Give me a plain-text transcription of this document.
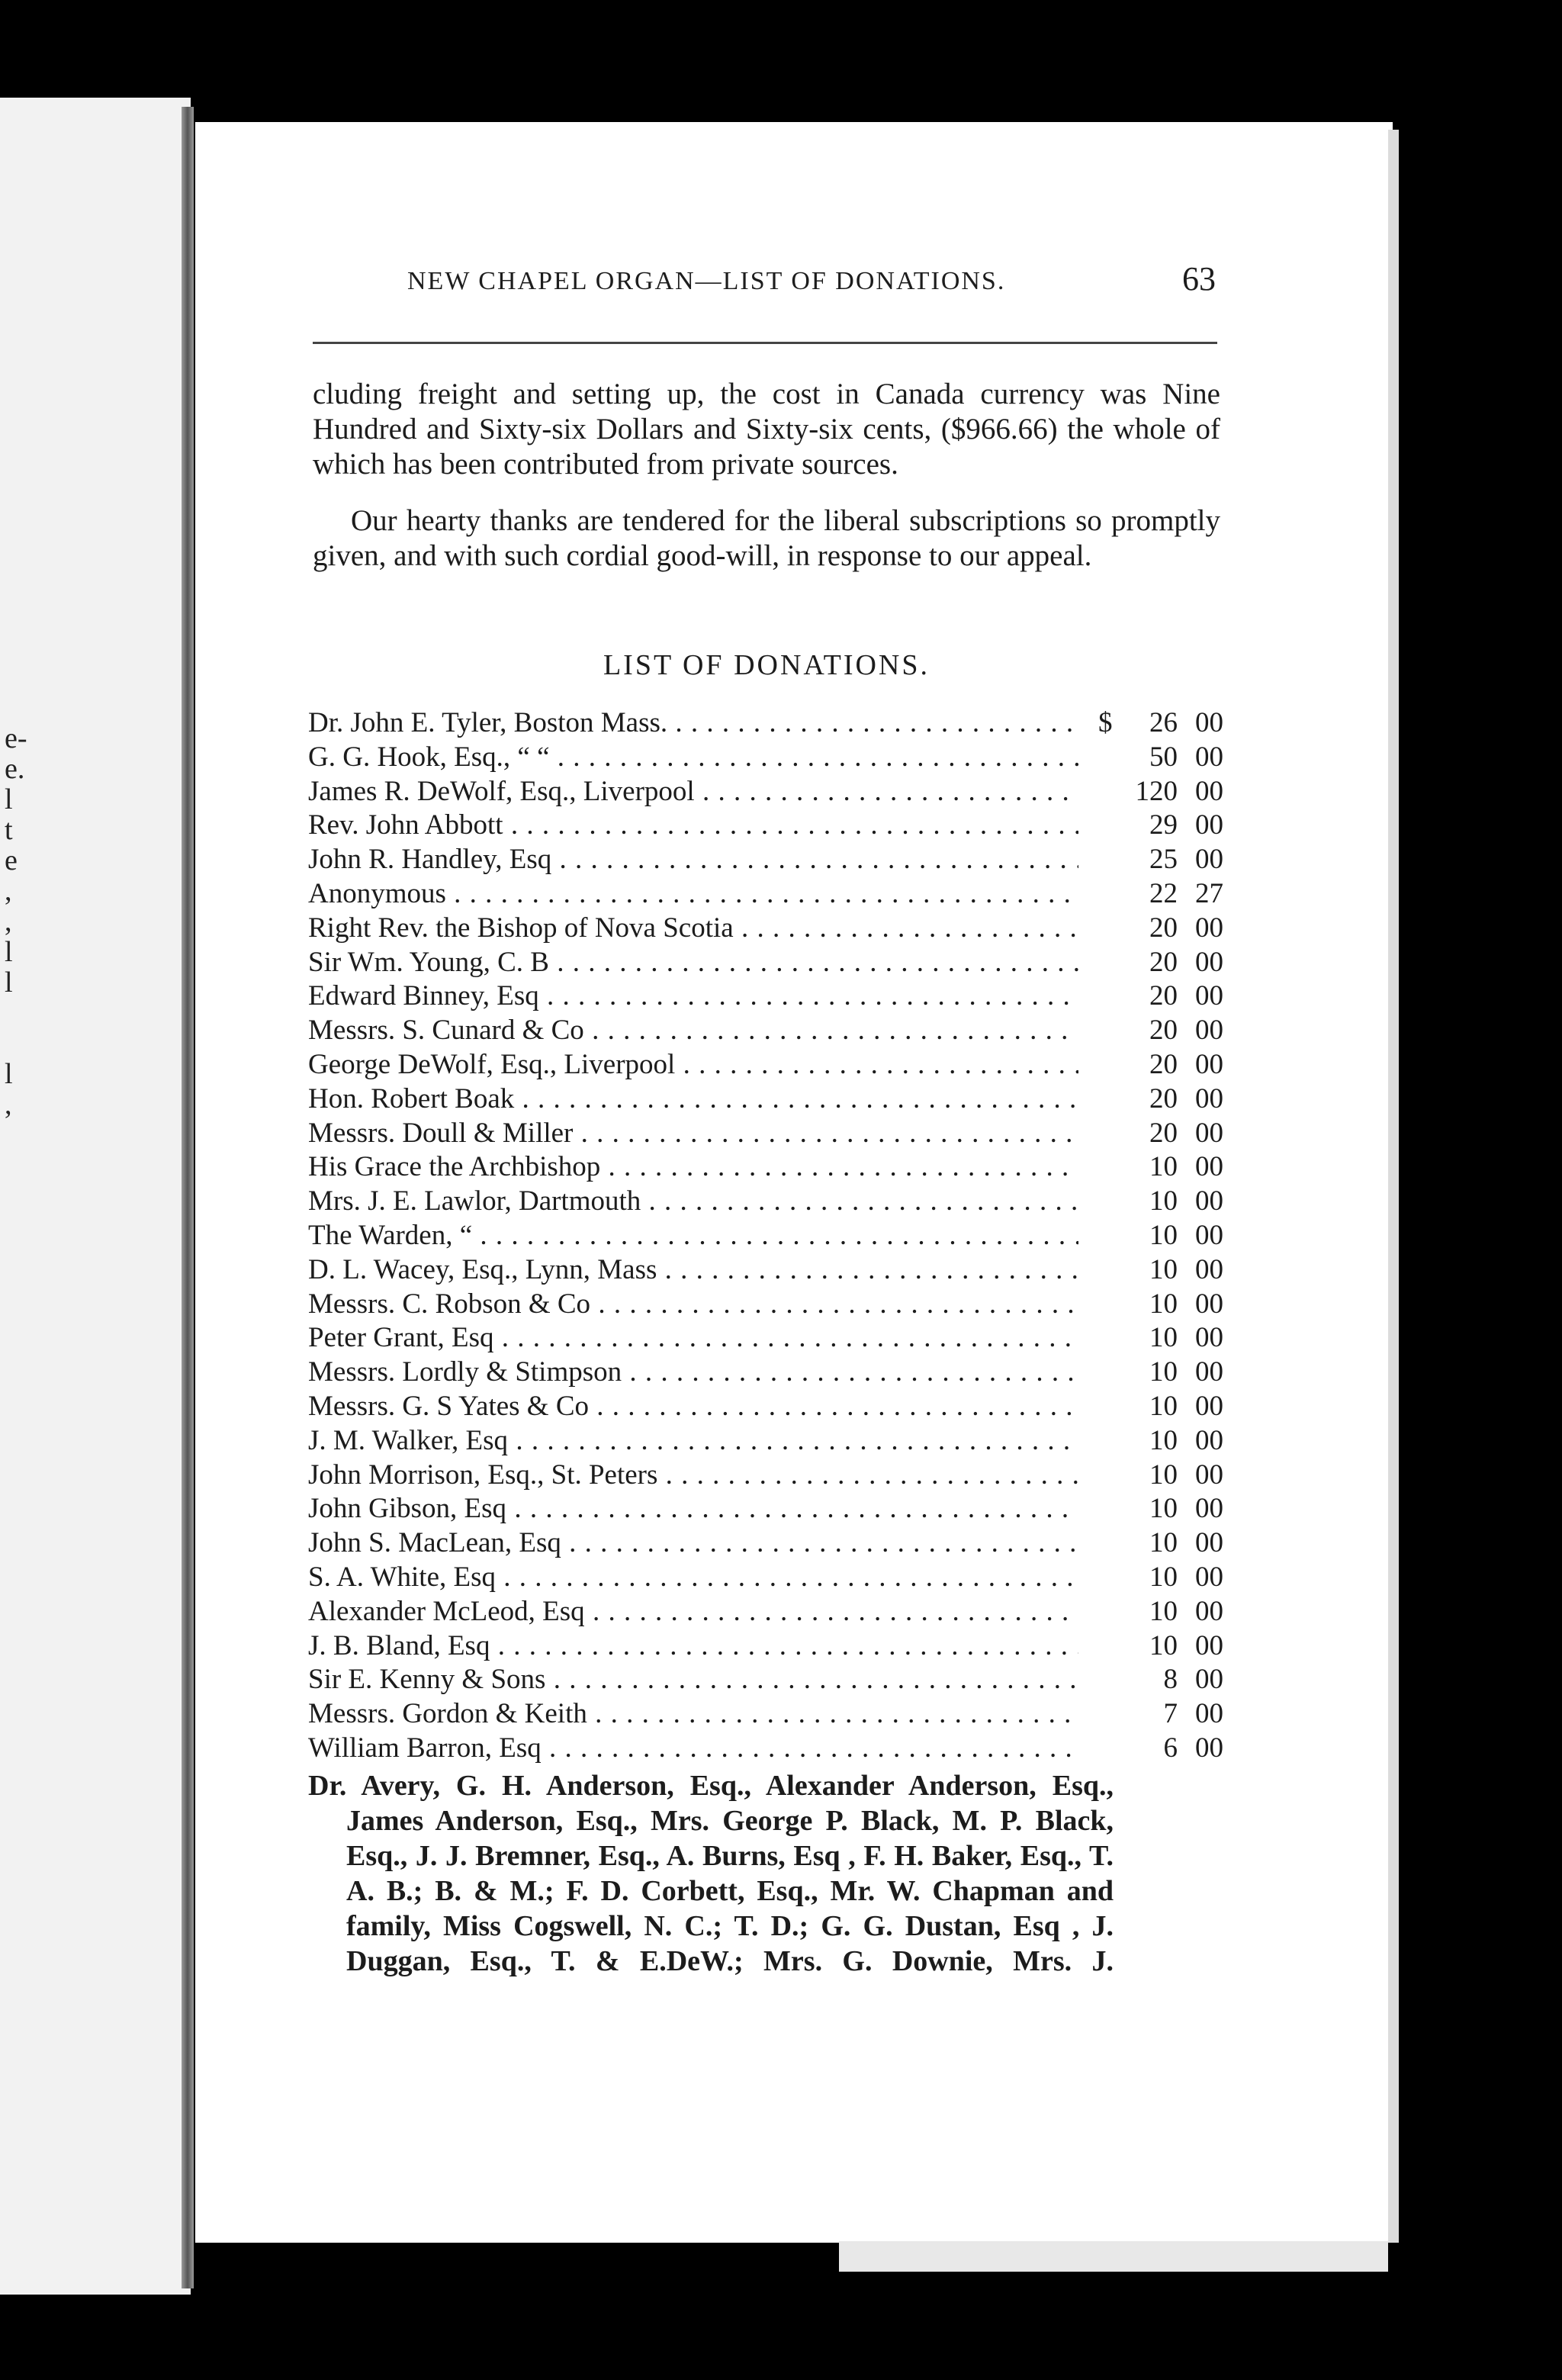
e-
e.
l
t
e
,
,
l
l

l
,
NEW CHAPEL ORGAN—LIST OF DONATIONS.	63
cluding freight and setting up, the cost in Canada currency was Nine Hundred and Sixty-six Dollars and Sixty-six cents, ($966.66) the whole of which has been contributed from private sources.
Our hearty thanks are tendered for the liberal subscriptions so promptly given, and with such cordial good-will, in response to our appeal.
LIST OF DONATIONS.
Dr. John E. Tyler, Boston Mass. . . .	$	26 00
G. G. Hook, Esq., “ “ . . .	50 00
James R. DeWolf, Esq., Liverpool . . .	120 00
Rev. John Abbott . . .	29 00
John R. Handley, Esq . . .	25 00
Anonymous . . .	22 27
Right Rev. the Bishop of Nova Scotia . . .	20 00
Sir Wm. Young, C. B . . .	20 00
Edward Binney, Esq . . .	20 00
Messrs. S. Cunard & Co . . .	20 00
George DeWolf, Esq., Liverpool . . .	20 00
Hon. Robert Boak . . .	20 00
Messrs. Doull & Miller . . .	20 00
His Grace the Archbishop . . .	10 00
Mrs. J. E. Lawlor, Dartmouth . . .	10 00
The Warden, “ . . .	10 00
D. L. Wacey, Esq., Lynn, Mass . . .	10 00
Messrs. C. Robson & Co . . .	10 00
Peter Grant, Esq . . .	10 00
Messrs. Lordly & Stimpson . . .	10 00
Messrs. G. S Yates & Co . . .	10 00
J. M. Walker, Esq . . .	10 00
John Morrison, Esq., St. Peters . . .	10 00
John Gibson, Esq . . .	10 00
John S. MacLean, Esq . . .	10 00
S. A. White, Esq . . .	10 00
Alexander McLeod, Esq . . .	10 00
J. B. Bland, Esq . . .	10 00
Sir E. Kenny & Sons . . .	8 00
Messrs. Gordon & Keith . . .	7 00
William Barron, Esq . . .	6 00
Dr. Avery, G. H. Anderson, Esq., Alexander Anderson, Esq., James Anderson, Esq., Mrs. George P. Black, M. P. Black, Esq., J. J. Bremner, Esq., A. Burns, Esq , F. H. Baker, Esq., T. A. B.; B. & M.; F. D. Corbett, Esq., Mr. W. Chapman and family, Miss Cogswell, N. C.; T. D.; G. G. Dustan, Esq , J. Duggan, Esq., T. & E.DeW.; Mrs. G. Downie, Mrs. J.
